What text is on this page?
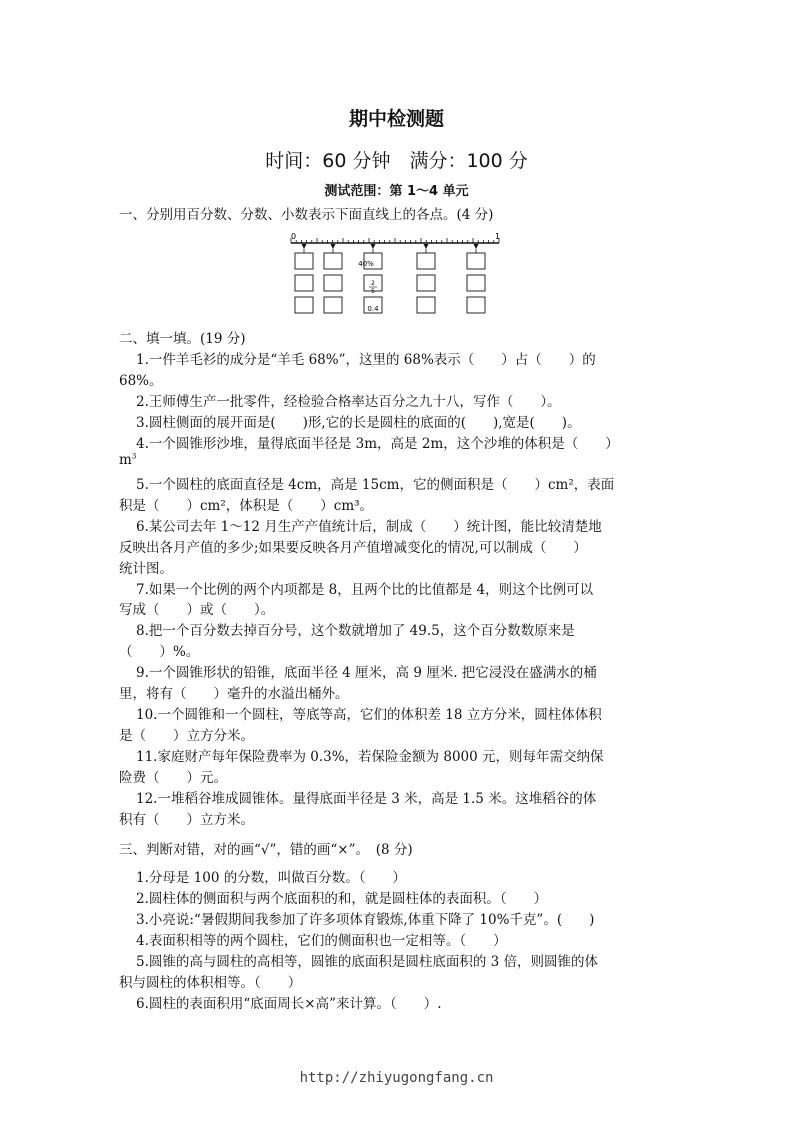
期中检测题
时间：60 分钟　满分：100 分
测试范围：第 1～4 单元
一、分别用百分数、分数、小数表示下面直线上的各点。(4 分)
0	1
40%
2
5
0.4
二、填一填。(19 分)
1.一件羊毛衫的成分是“羊毛 68%”，这里的 68%表示（　　）占（　　）的
68%。
2.王师傅生产一批零件，经检验合格率达百分之九十八，写作（　　）。
3.圆柱侧面的展开面是(　　)形,它的长是圆柱的底面的(　　),宽是(　　)。
4.一个圆锥形沙堆，量得底面半径是 3m，高是 2m，这个沙堆的体积是（　　）
$m^3$
5.一个圆柱的底面直径是 4cm，高是 15cm，它的侧面积是（　　）cm²，表面
积是（　　）cm²，体积是（　　）cm³。
6.某公司去年 1～12 月生产产值统计后，制成（　　）统计图，能比较清楚地
反映出各月产值的多少;如果要反映各月产值增减变化的情况,可以制成（　　）
统计图。
7.如果一个比例的两个内项都是 8，且两个比的比值都是 4，则这个比例可以
写成（　　）或（　　）。
8.把一个百分数去掉百分号，这个数就增加了 49.5，这个百分数数原来是
（　　）%。
9.一个圆锥形状的铅锥，底面半径 4 厘米，高 9 厘米. 把它浸没在盛满水的桶
里，将有（　　）毫升的水溢出桶外。
10.一个圆锥和一个圆柱，等底等高，它们的体积差 18 立方分米，圆柱体体积
是（　　）立方分米。
11.家庭财产每年保险费率为 0.3%，若保险金额为 8000 元，则每年需交纳保
险费（　　）元。
12.一堆稻谷堆成圆锥体。量得底面半径是 3 米，高是 1.5 米。这堆稻谷的体
积有（　　）立方米。
三、判断对错，对的画“√”，错的画“×”。　(8 分)
1.分母是 100 的分数，叫做百分数。（　　）
2.圆柱体的侧面积与两个底面积的和，就是圆柱体的表面积。（　　）
3.小亮说:“暑假期间我参加了许多项体育锻炼,体重下降了 10%千克”。(　　)
4.表面积相等的两个圆柱，它们的侧面积也一定相等。（　　）
5.圆锥的高与圆柱的高相等，圆锥的底面积是圆柱底面积的 3 倍，则圆锥的体
积与圆柱的体积相等。（　　）
6.圆柱的表面积用“底面周长×高”来计算。（　　）.
http://zhiyugongfang.cn
